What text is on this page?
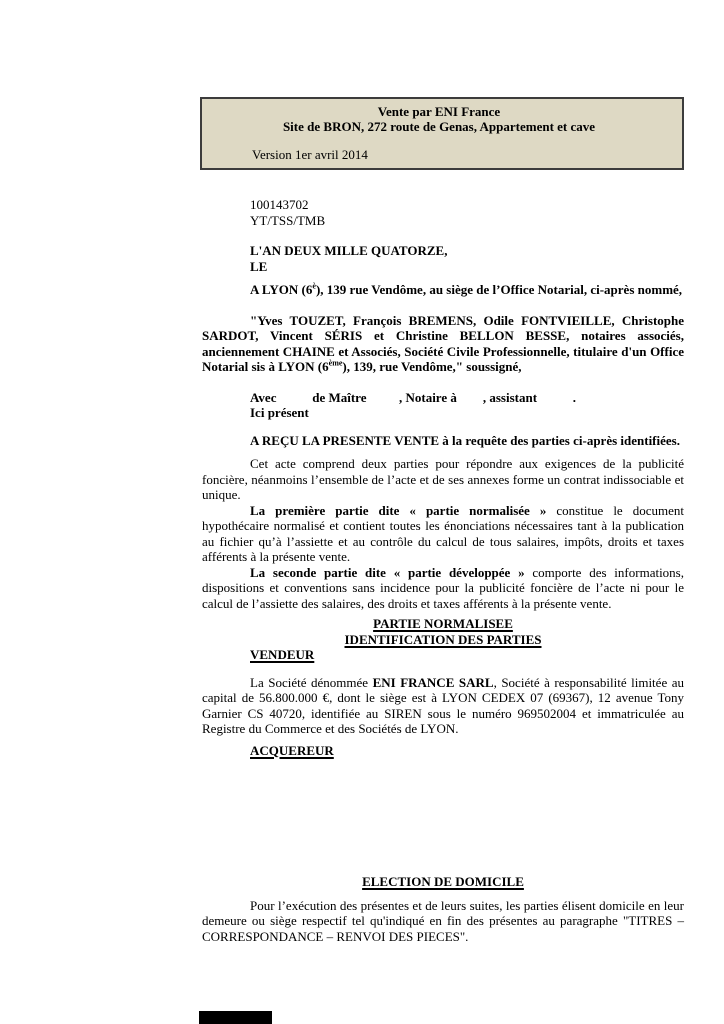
Vente par ENI France
Site de BRON, 272 route de Genas, Appartement et cave
Version 1er avril 2014
100143702
YT/TSS/TMB
L'AN DEUX MILLE QUATORZE,
LE
A LYON $(6^è)$, 139 rue Vendôme, au siège de l’Office Notarial, ci-après nommé,

"Yves TOUZET, François BREMENS, Odile FONTVIEILLE, Christophe SARDOT, Vincent SÉRIS et Christine BELLON BESSE, notaires associés, anciennement CHAINE et Associés, Société Civile Professionnelle, titulaire d'un Office Notarial sis à LYON (6ème), 139, rue Vendôme," soussigné,

Avec           de Maître          , Notaire à        , assistant           .
Ici présent
A REÇU LA PRESENTE VENTE à la requête des parties ci-après identifiées.

Cet acte comprend deux parties pour répondre aux exigences de la publicité foncière, néanmoins l’ensemble de l’acte et de ses annexes forme un contrat indissociable et unique.

La première partie dite « partie normalisée » constitue le document hypothécaire normalisé et contient toutes les énonciations nécessaires tant à la publication au fichier qu’à l’assiette et au contrôle du calcul de tous salaires, impôts, droits et taxes afférents à la présente vente.

La seconde partie dite « partie développée » comporte des informations, dispositions et conventions sans incidence pour la publicité foncière de l’acte ni pour le calcul de l’assiette des salaires, des droits et taxes afférents à la présente vente.

PARTIE NORMALISEE

IDENTIFICATION DES PARTIES

VENDEUR

La Société dénommée ENI FRANCE SARL, Société à responsabilité limitée au capital de 56.800.000 €, dont le siège est à LYON CEDEX 07 (69367), 12 avenue Tony Garnier CS 40720, identifiée au SIREN sous le numéro 969502004 et immatriculée au Registre du Commerce et des Sociétés de LYON.

ACQUEREUR

ELECTION DE DOMICILE

Pour l’exécution des présentes et de leurs suites, les parties élisent domicile en leur demeure ou siège respectif tel qu'indiqué en fin des présentes au paragraphe "TITRES – CORRESPONDANCE – RENVOI DES PIECES".
